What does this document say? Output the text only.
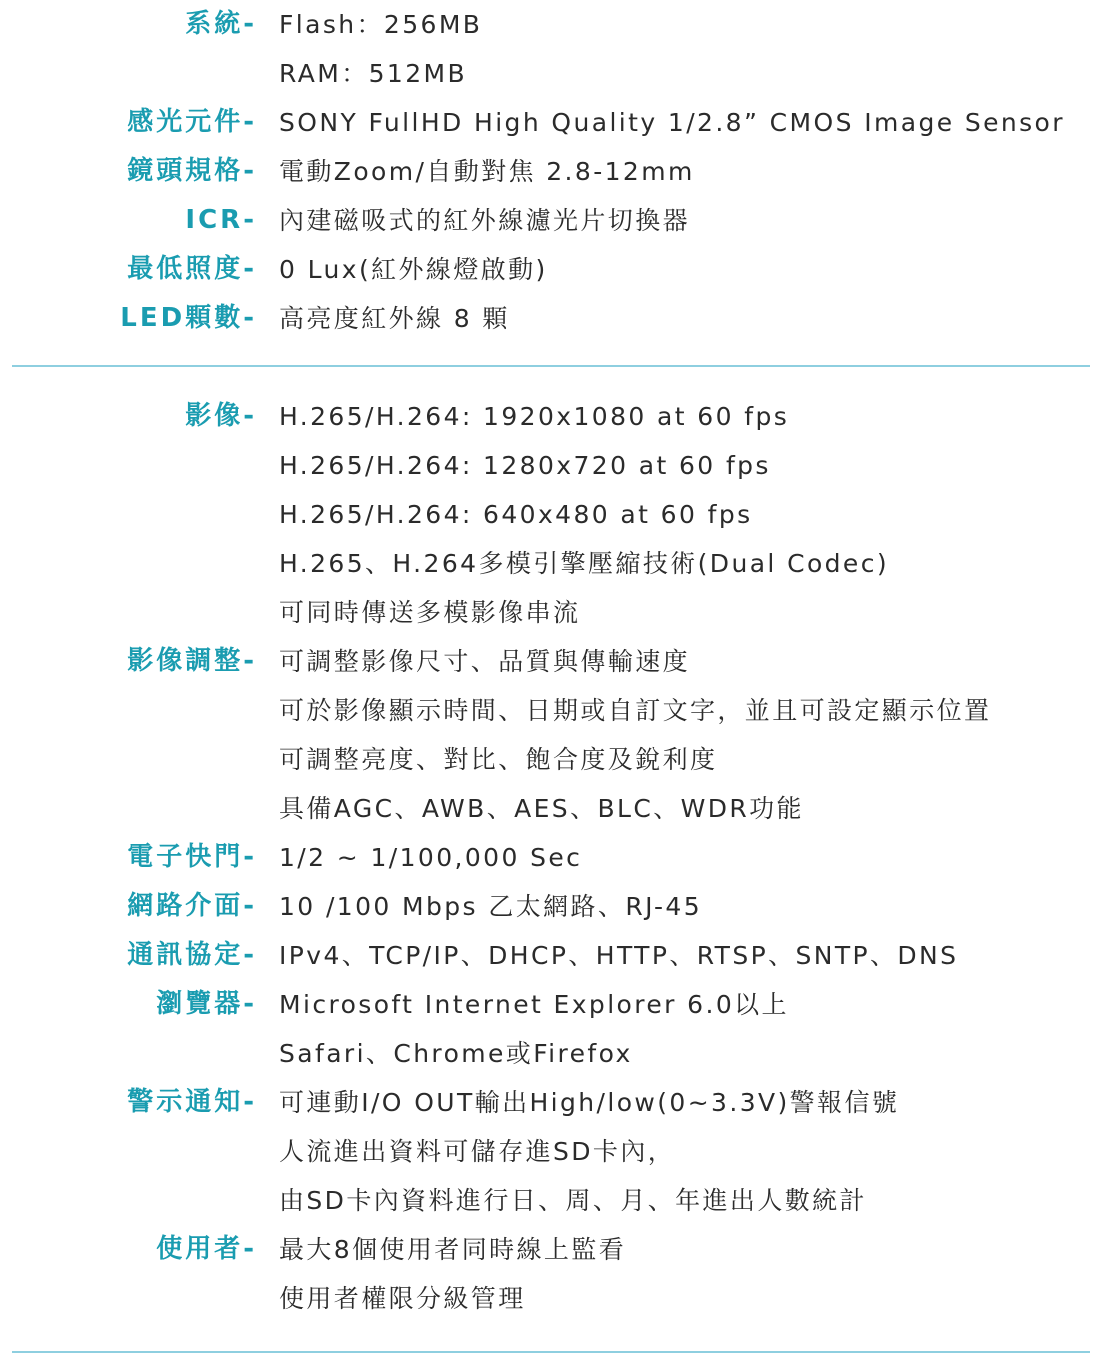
系統- Flash：256MB
RAM：512MB
感光元件- SONY FullHD High Quality 1/2.8” CMOS Image Sensor
鏡頭規格- 電動Zoom/自動對焦 2.8-12mm
ICR- 內建磁吸式的紅外線濾光片切換器
最低照度- 0 Lux(紅外線燈啟動)
LED顆數- 高亮度紅外線 8 顆
影像- H.265/H.264: 1920x1080 at 60 fps
H.265/H.264: 1280x720 at 60 fps
H.265/H.264: 640x480 at 60 fps
H.265、H.264多模引擎壓縮技術(Dual Codec)
可同時傳送多模影像串流
影像調整- 可調整影像尺寸、品質與傳輸速度
可於影像顯示時間、日期或自訂文字，並且可設定顯示位置
可調整亮度、對比、飽合度及銳利度
具備AGC、AWB、AES、BLC、WDR功能
電子快門- 1/2 ~ 1/100,000 Sec
網路介面- 10 /100 Mbps 乙太網路、RJ-45
通訊協定- IPv4、TCP/IP、DHCP、HTTP、RTSP、SNTP、DNS
瀏覽器- Microsoft Internet Explorer 6.0以上
Safari、Chrome或Firefox
警示通知- 可連動I/O OUT輸出High/low(0~3.3V)警報信號
人流進出資料可儲存進SD卡內，
由SD卡內資料進行日、周、月、年進出人數統計
使用者- 最大8個使用者同時線上監看
使用者權限分級管理
